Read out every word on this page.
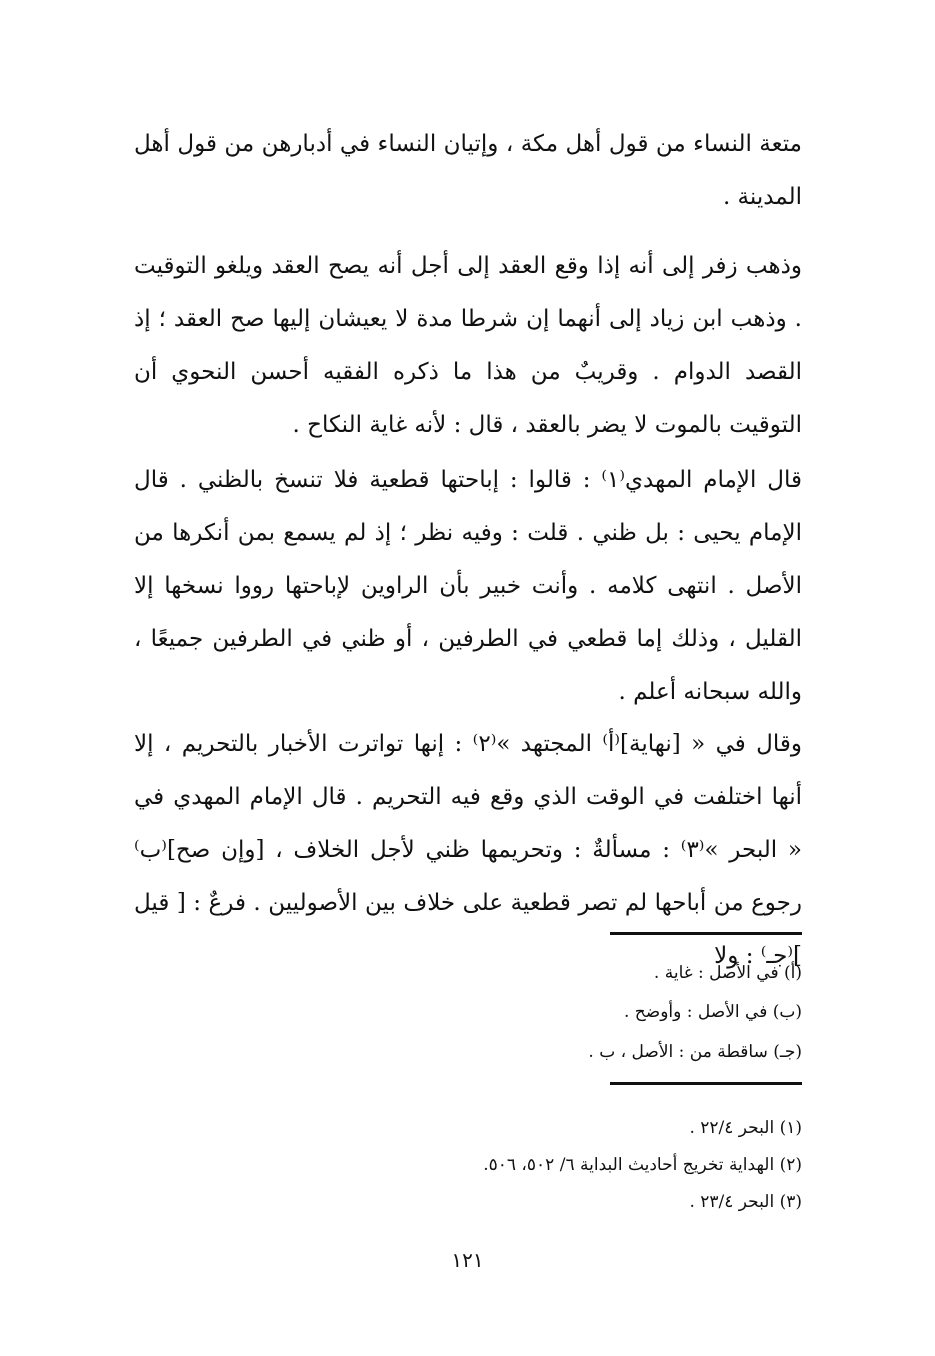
متعة النساء من قول أهل مكة ، وإتيان النساء في أدبارهن من قول أهل المدينة .

وذهب زفر إلى أنه إذا وقع العقد إلى أجل أنه يصح العقد ويلغو التوقيت . وذهب ابن زياد إلى أنهما إن شرطا مدة لا يعيشان إليها صح العقد ؛ إذ القصد الدوام . وقريبٌ من هذا ما ذكره الفقيه أحسن النحوي أن التوقيت بالموت لا يضر بالعقد ، قال : لأنه غاية النكاح .

قال الإمام المهدي⁽١⁾ : قالوا : إباحتها قطعية فلا تنسخ بالظني . قال الإمام يحيى : بل ظني . قلت : وفيه نظر ؛ إذ لم يسمع بمن أنكرها من الأصل . انتهى كلامه . وأنت خبير بأن الراوين لإباحتها رووا نسخها إلا القليل ، وذلك إما قطعي في الطرفين ، أو ظني في الطرفين جميعًا ، والله سبحانه أعلم .

وقال في « [نهاية]⁽أ⁾ المجتهد »⁽٢⁾ : إنها تواترت الأخبار بالتحريم ، إلا أنها اختلفت في الوقت الذي وقع فيه التحريم . قال الإمام المهدي في « البحر »⁽٣⁾ : مسألةٌ : وتحريمها ظني لأجل الخلاف ، [وإن صح]⁽ب⁾ رجوع من أباحها لم تصر قطعية على خلاف بين الأصوليين . فرعٌ : [ قيل ]⁽جـ⁾ : ولا

(أ) في الأصل : غاية .

(ب) في الأصل : وأوضح .

(جـ) ساقطة من : الأصل ، ب .

(١) البحر ٢٢/٤ .

(٢) الهداية تخريج أحاديث البداية ٦/ ٥٠٢، ٥٠٦.

(٣) البحر ٢٣/٤ .

١٢١
